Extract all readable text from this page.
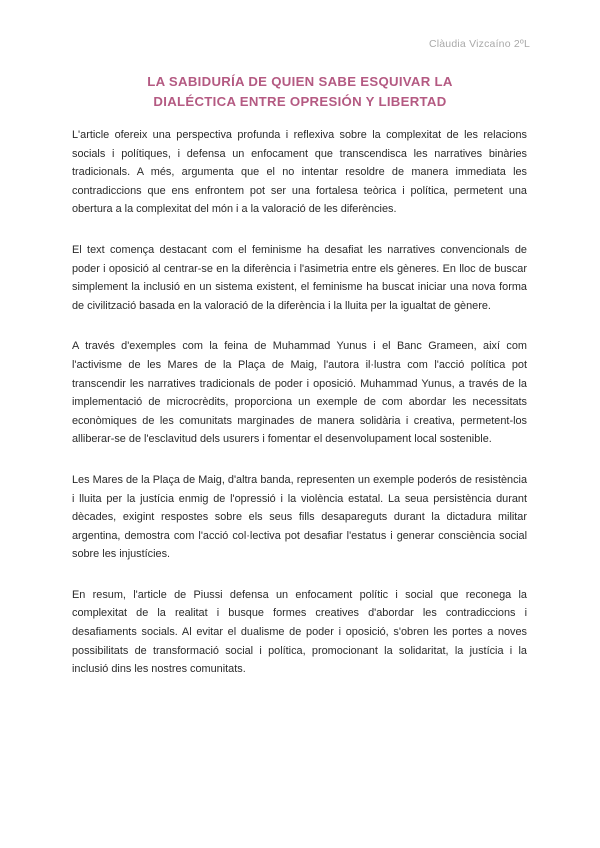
Clàudia Vizcaíno 2ºL
LA SABIDURÍA DE QUIEN SABE ESQUIVAR LA
DIALÉCTICA ENTRE OPRESIÓN Y LIBERTAD

L'article ofereix una perspectiva profunda i reflexiva sobre la complexitat de les relacions socials i polítiques, i defensa un enfocament que transcendisca les narratives binàries tradicionals. A més, argumenta que el no intentar resoldre de manera immediata les contradiccions que ens enfrontem pot ser una fortalesa teòrica i política, permetent una obertura a la complexitat del món i a la valoració de les diferències.

El text comença destacant com el feminisme ha desafiat les narratives convencionals de poder i oposició al centrar-se en la diferència i l'asimetria entre els gèneres. En lloc de buscar simplement la inclusió en un sistema existent, el feminisme ha buscat iniciar una nova forma de civilització basada en la valoració de la diferència i la lluita per la igualtat de gènere.

A través d'exemples com la feina de Muhammad Yunus i el Banc Grameen, així com l'activisme de les Mares de la Plaça de Maig, l'autora il·lustra com l'acció política pot transcendir les narratives tradicionals de poder i oposició. Muhammad Yunus, a través de la implementació de microcrèdits, proporciona un exemple de com abordar les necessitats econòmiques de les comunitats marginades de manera solidària i creativa, permetent-los alliberar-se de l'esclavitud dels usurers i fomentar el desenvolupament local sostenible.

Les Mares de la Plaça de Maig, d'altra banda, representen un exemple poderós de resistència i lluita per la justícia enmig de l'opressió i la violència estatal. La seua persistència durant dècades, exigint respostes sobre els seus fills desapareguts durant la dictadura militar argentina, demostra com l'acció col·lectiva pot desafiar l'estatus i generar consciència social sobre les injustícies.

En resum, l'article de Piussi defensa un enfocament polític i social que reconega la complexitat de la realitat i busque formes creatives d'abordar les contradiccions i desafiaments socials. Al evitar el dualisme de poder i oposició, s'obren les portes a noves possibilitats de transformació social i política, promocionant la solidaritat, la justícia i la inclusió dins les nostres comunitats.
